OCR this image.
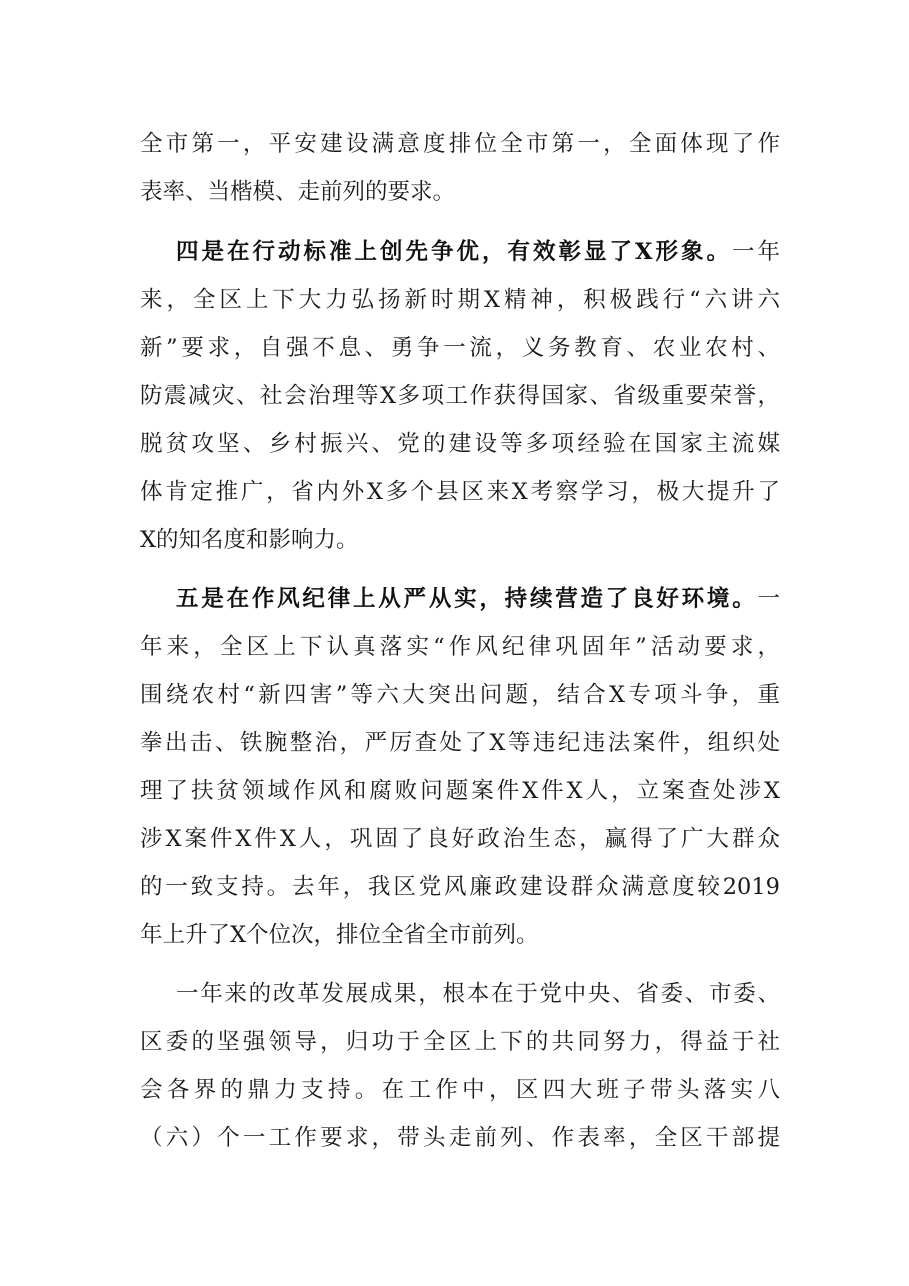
全市第一，平安建设满意度排位全市第一，全面体现了作
表率、当楷模、走前列的要求。
四是在行动标准上创先争优，有效彰显了X形象。一年
来，全区上下大力弘扬新时期X精神，积极践行“六讲六
新”要求，自强不息、勇争一流，义务教育、农业农村、
防震减灾、社会治理等X多项工作获得国家、省级重要荣誉，
脱贫攻坚、乡村振兴、党的建设等多项经验在国家主流媒
体肯定推广，省内外X多个县区来X考察学习，极大提升了
X的知名度和影响力。
五是在作风纪律上从严从实，持续营造了良好环境。一
年来，全区上下认真落实“作风纪律巩固年”活动要求，
围绕农村“新四害”等六大突出问题，结合X专项斗争，重
拳出击、铁腕整治，严厉查处了X等违纪违法案件，组织处
理了扶贫领域作风和腐败问题案件X件X人，立案查处涉X
涉X案件X件X人，巩固了良好政治生态，赢得了广大群众
的一致支持。去年，我区党风廉政建设群众满意度较2019
年上升了X个位次，排位全省全市前列。
一年来的改革发展成果，根本在于党中央、省委、市委、
区委的坚强领导，归功于全区上下的共同努力，得益于社
会各界的鼎力支持。在工作中，区四大班子带头落实八
（六）个一工作要求，带头走前列、作表率，全区干部提
